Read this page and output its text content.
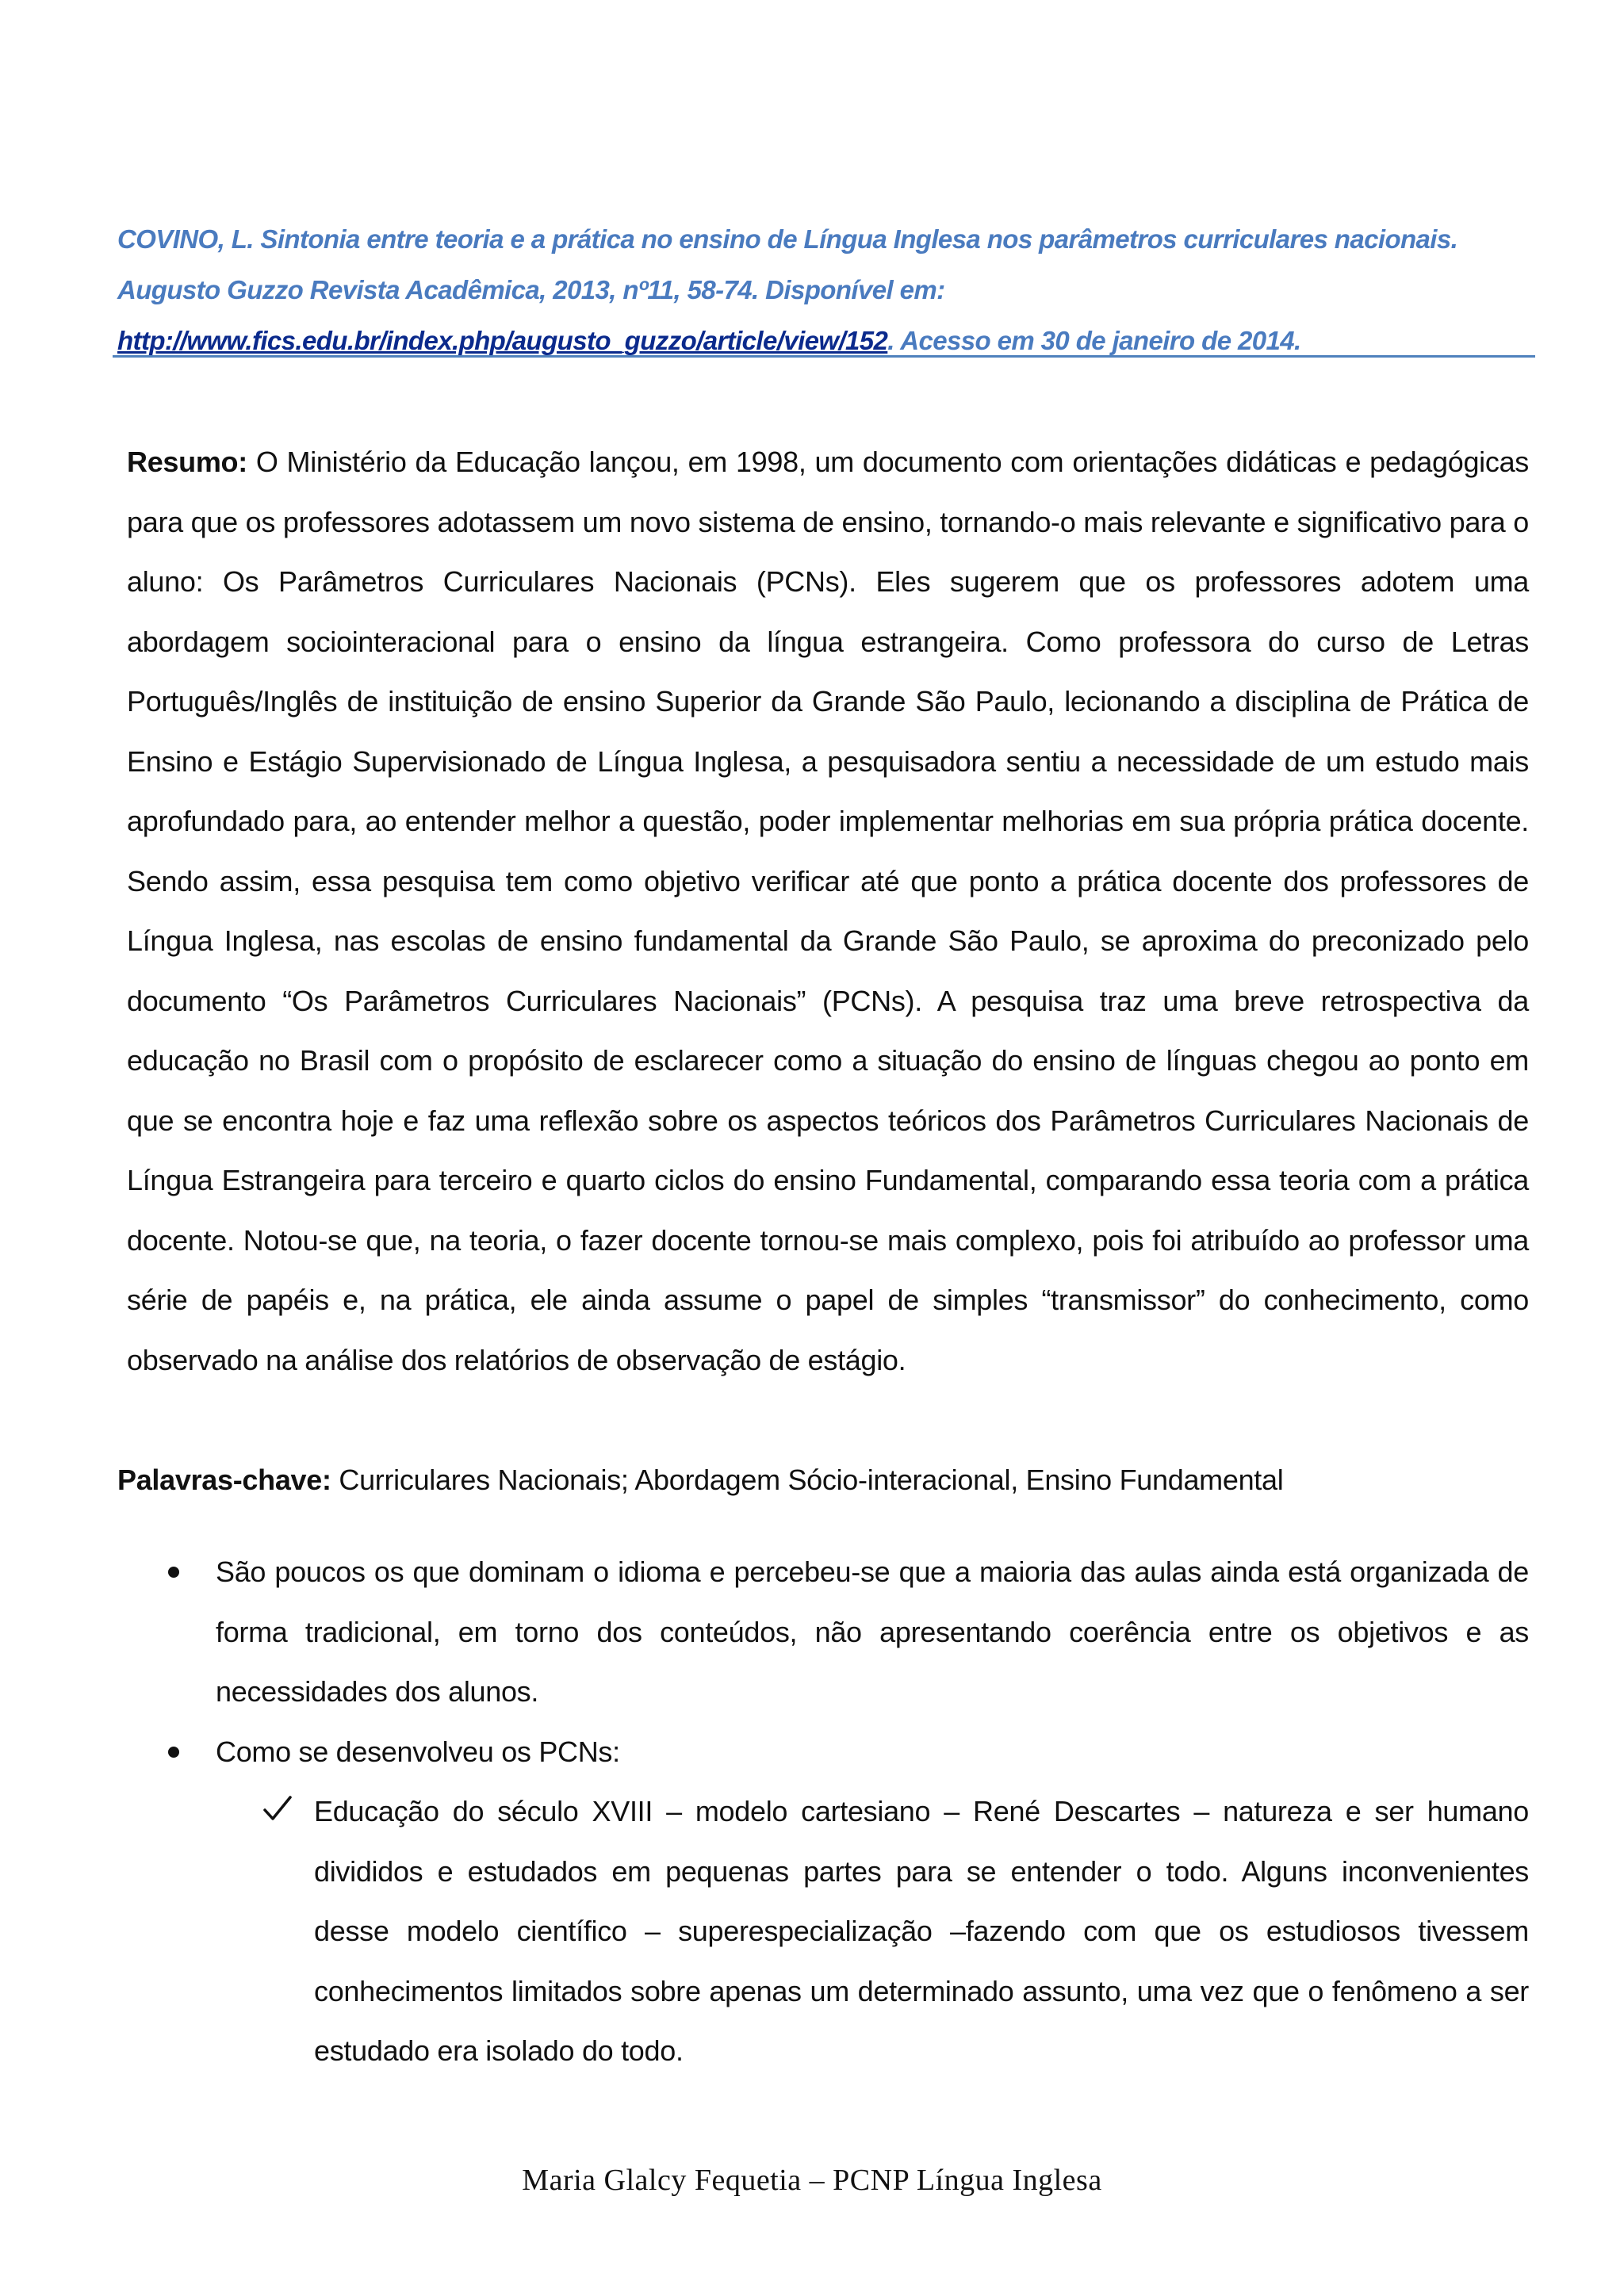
COVINO, L. Sintonia entre teoria e a prática no ensino de Língua Inglesa nos parâmetros curriculares nacionais.
Augusto Guzzo Revista Acadêmica, 2013, nº11, 58-74. Disponível em:
http://www.fics.edu.br/index.php/augusto_guzzo/article/view/152. Acesso em 30 de janeiro de 2014.

Resumo: O Ministério da Educação lançou, em 1998, um documento com orientações didáticas e pedagógicas para que os professores adotassem um novo sistema de ensino, tornando-o mais relevante e significativo para o aluno: Os Parâmetros Curriculares Nacionais (PCNs). Eles sugerem que os professores adotem uma abordagem sociointeracional para o ensino da língua estrangeira. Como professora do curso de Letras Português/Inglês de instituição de ensino Superior da Grande São Paulo, lecionando a disciplina de Prática de Ensino e Estágio Supervisionado de Língua Inglesa, a pesquisadora sentiu a necessidade de um estudo mais aprofundado para, ao entender melhor a questão, poder implementar melhorias em sua própria prática docente. Sendo assim, essa pesquisa tem como objetivo verificar até que ponto a prática docente dos professores de Língua Inglesa, nas escolas de ensino fundamental da Grande São Paulo, se aproxima do preconizado pelo documento “Os Parâmetros Curriculares Nacionais” (PCNs). A pesquisa traz uma breve retrospectiva da educação no Brasil com o propósito de esclarecer como a situação do ensino de línguas chegou ao ponto em que se encontra hoje e faz uma reflexão sobre os aspectos teóricos dos Parâmetros Curriculares Nacionais de Língua Estrangeira para terceiro e quarto ciclos do ensino Fundamental, comparando essa teoria com a prática docente. Notou-se que, na teoria, o fazer docente tornou-se mais complexo, pois foi atribuído ao professor uma série de papéis e, na prática, ele ainda assume o papel de simples “transmissor” do conhecimento, como observado na análise dos relatórios de observação de estágio.

Palavras-chave: Curriculares Nacionais; Abordagem Sócio-interacional, Ensino Fundamental
São poucos os que dominam o idioma e percebeu-se que a maioria das aulas ainda está organizada de forma tradicional, em torno dos conteúdos, não apresentando coerência entre os objetivos e as necessidades dos alunos.
Como se desenvolveu os PCNs:
Educação do século XVIII – modelo cartesiano – René Descartes – natureza e ser humano divididos e estudados em pequenas partes para se entender o todo. Alguns inconvenientes desse modelo científico – superespecialização –fazendo com que os estudiosos tivessem conhecimentos limitados sobre apenas um determinado assunto, uma vez que o fenômeno a ser estudado era isolado do todo.
Maria Glalcy Fequetia – PCNP Língua Inglesa
